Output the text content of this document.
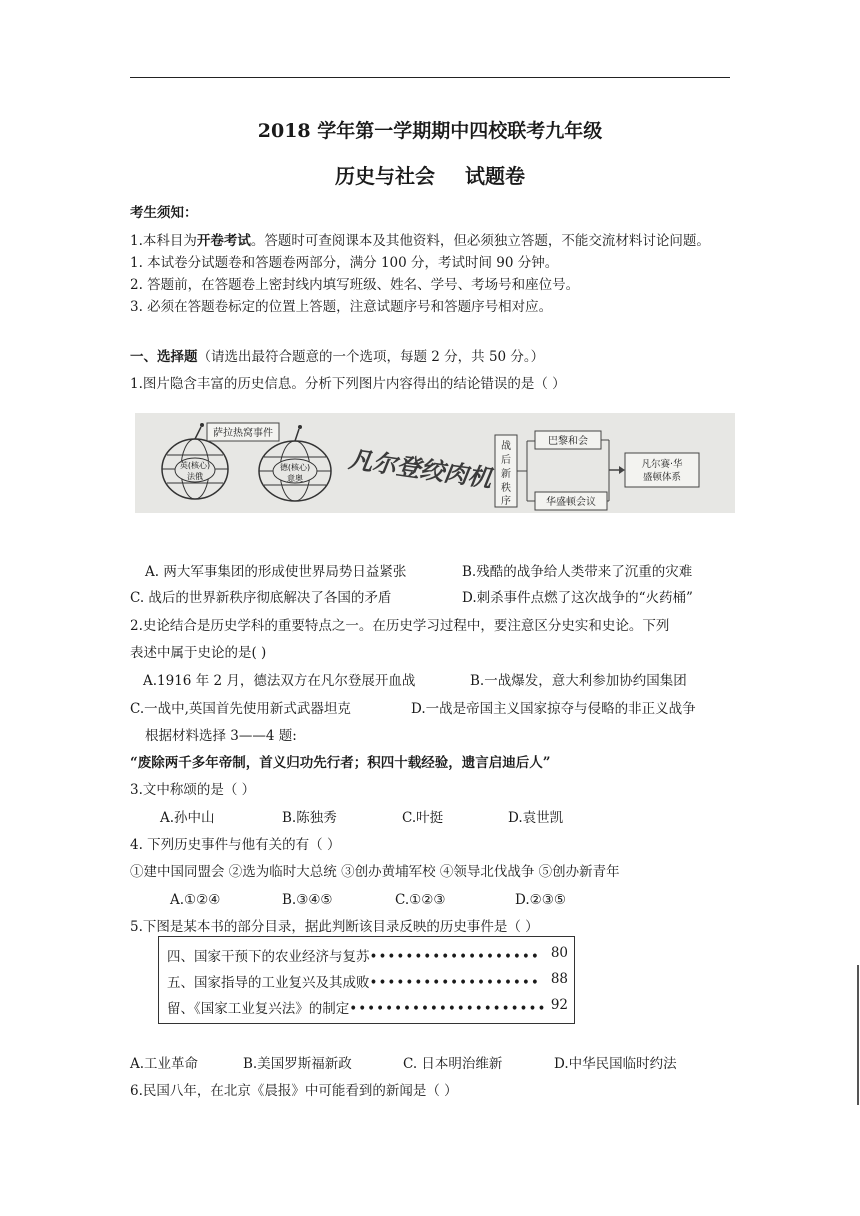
2018 学年第一学期期中四校联考九年级
历史与社会 试题卷
考生须知：
1.本科目为开卷考试。答题时可查阅课本及其他资料，但必须独立答题，不能交流材料讨论问题。
1. 本试卷分试题卷和答题卷两部分，满分 100 分，考试时间 90 分钟。
2. 答题前，在答题卷上密封线内填写班级、姓名、学号、考场号和座位号。
3. 必须在答题卷标定的位置上答题，注意试题序号和答题序号相对应。
一、选择题（请选出最符合题意的一个选项，每题 2 分，共 50 分。）
1.图片隐含丰富的历史信息。分析下列图片内容得出的结论错误的是（ ）
萨拉热窝事件
英(核心)
法俄
德(核心)
意奥 凡尔登绞肉机 战
后
新
秩
序
巴黎和会
华盛顿会议
凡尔赛·华
盛顿体系
A. 两大军事集团的形成使世界局势日益紧张	B.残酷的战争给人类带来了沉重的灾难
C. 战后的世界新秩序彻底解决了各国的矛盾	D.刺杀事件点燃了这次战争的“火药桶”
2.史论结合是历史学科的重要特点之一。在历史学习过程中，要注意区分史实和史论。下列
表述中属于史论的是( )
A.1916 年 2 月，德法双方在凡尔登展开血战	B.一战爆发，意大利参加协约国集团
C.一战中,英国首先使用新式武器坦克	D.一战是帝国主义国家掠夺与侵略的非正义战争
根据材料选择 3——4 题:
“废除两千多年帝制，首义归功先行者；积四十载经验，遗言启迪后人”
3.文中称颂的是（ ）
A.孙中山	B.陈独秀	C.叶挺	D.袁世凯
4. 下列历史事件与他有关的有（ ）
①建中国同盟会 ②选为临时大总统 ③创办黄埔军校 ④领导北伐战争 ⑤创办新青年
A.①②④	B.③④⑤	C.①②③	D.②③⑤
5.下图是某本书的部分目录，据此判断该目录反映的历史事件是（ ）
四、国家干预下的农业经济与复苏••••••••••••••••••• 80
五、国家指导的工业复兴及其成败••••••••••••••••••• 88
留、《国家工业复兴法》的制定•••••••••••••••••••••• 92
A.工业革命	B.美国罗斯福新政	C. 日本明治维新	D.中华民国临时约法
6.民国八年，在北京《晨报》中可能看到的新闻是（ ）
